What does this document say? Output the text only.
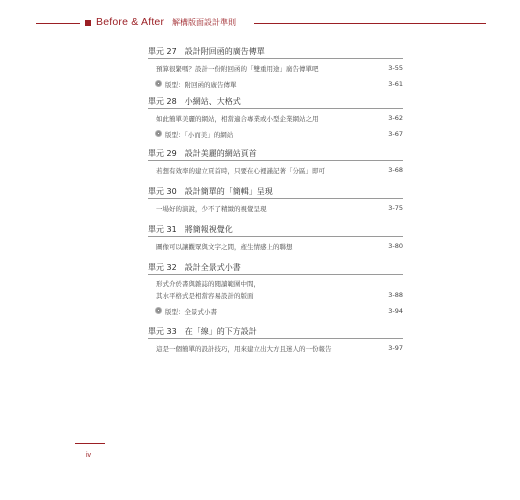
Before & After 解構版面設計準則
單元 27　設計附回函的廣告傳單
預算很緊嗎？設計一份附回函的「雙重用途」廣告傳單吧	3-55
版型：附回函的廣告傳單	3-61
單元 28　小網站、大格式
如此簡單美麗的網站，相當適合專業或小型企業網站之用	3-62
版型：「小而美」的網站	3-67
單元 29　設計美麗的網站頁首
若想有效率的建立頁首時，只要在心裡謹記著「分區」即可	3-68
單元 30　設計簡單的「簡輯」呈現
一場好的演說，少不了精緻的視覺呈現	3-75
單元 31　將簡報視覺化
圖像可以讓觀眾與文字之間，產生情感上的聯想	3-80
單元 32　設計全景式小書
形式介於書與雜誌的閱讀範圍中間，
其水平格式是相當容易設計的版面	3-88
版型：全景式小書	3-94
單元 33　在「線」的下方設計
這是一個簡單的設計技巧，用來建立出大方且迷人的一份報告	3-97
iv
